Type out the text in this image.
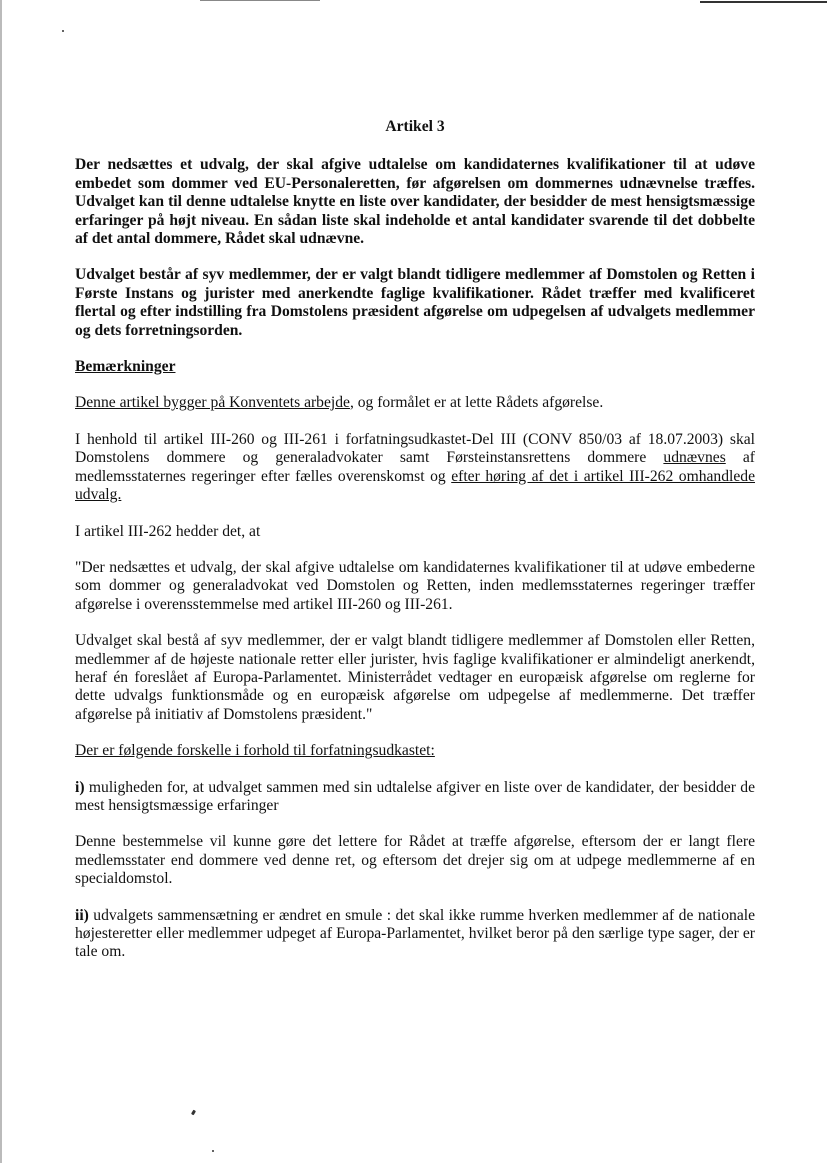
Artikel 3

Der nedsættes et udvalg, der skal afgive udtalelse om kandidaternes kvalifikationer til at udøve embedet som dommer ved EU-Personaleretten, før afgørelsen om dommernes udnævnelse træffes. Udvalget kan til denne udtalelse knytte en liste over kandidater, der besidder de mest hensigtsmæssige erfaringer på højt niveau. En sådan liste skal indeholde et antal kandidater svarende til det dobbelte af det antal dommere, Rådet skal udnævne.

Udvalget består af syv medlemmer, der er valgt blandt tidligere medlemmer af Domstolen og Retten i Første Instans og jurister med anerkendte faglige kvalifikationer. Rådet træffer med kvalificeret flertal og efter indstilling fra Domstolens præsident afgørelse om udpegelsen af udvalgets medlemmer og dets forretningsorden.

Bemærkninger

Denne artikel bygger på Konventets arbejde, og formålet er at lette Rådets afgørelse.

I henhold til artikel III-260 og III-261 i forfatningsudkastet-Del III (CONV 850/03 af 18.07.2003) skal Domstolens dommere og generaladvokater samt Førsteinstansrettens dommere udnævnes af medlemsstaternes regeringer efter fælles overenskomst og efter høring af det i artikel III-262 omhandlede udvalg.

I artikel III-262 hedder det, at

"Der nedsættes et udvalg, der skal afgive udtalelse om kandidaternes kvalifikationer til at udøve embederne som dommer og generaladvokat ved Domstolen og Retten, inden medlemsstaternes regeringer træffer afgørelse i overensstemmelse med artikel III-260 og III-261.

Udvalget skal bestå af syv medlemmer, der er valgt blandt tidligere medlemmer af Domstolen eller Retten, medlemmer af de højeste nationale retter eller jurister, hvis faglige kvalifikationer er almindeligt anerkendt, heraf én foreslået af Europa-Parlamentet. Ministerrådet vedtager en europæisk afgørelse om reglerne for dette udvalgs funktionsmåde og en europæisk afgørelse om udpegelse af medlemmerne. Det træffer afgørelse på initiativ af Domstolens præsident."

Der er følgende forskelle i forhold til forfatningsudkastet:

i) muligheden for, at udvalget sammen med sin udtalelse afgiver en liste over de kandidater, der besidder de mest hensigtsmæssige erfaringer

Denne bestemmelse vil kunne gøre det lettere for Rådet at træffe afgørelse, eftersom der er langt flere medlemsstater end dommere ved denne ret, og eftersom det drejer sig om at udpege medlemmerne af en specialdomstol.

ii) udvalgets sammensætning er ændret en smule : det skal ikke rumme hverken medlemmer af de nationale højesteretter eller medlemmer udpeget af Europa-Parlamentet, hvilket beror på den særlige type sager, der er tale om.
